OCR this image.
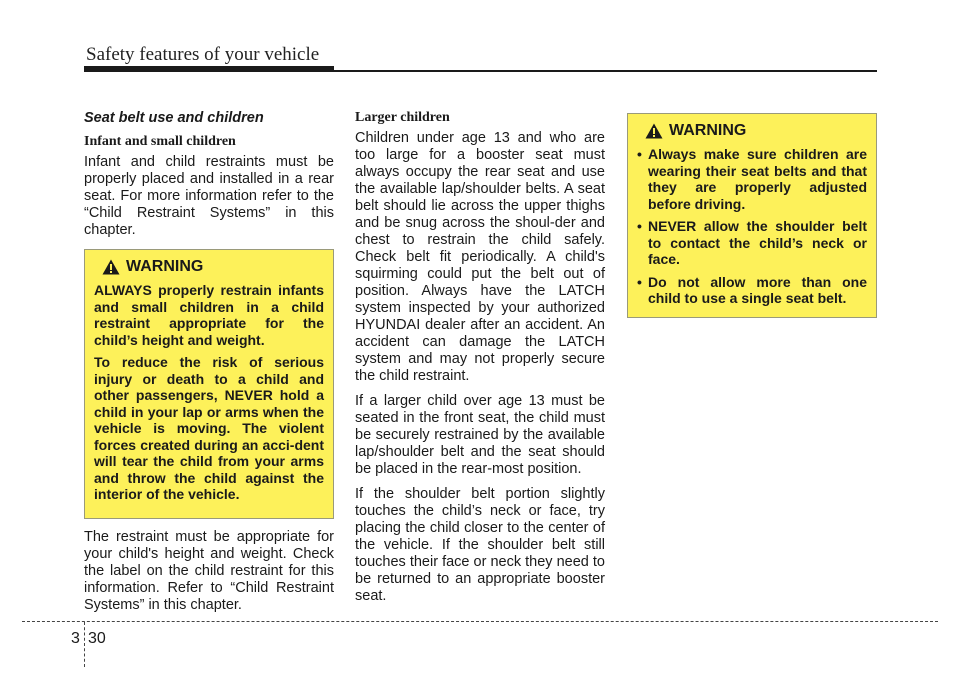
Safety features of your vehicle

Seat belt use and children

Infant and small children

Infant and child restraints must be properly placed and installed in a rear seat. For more information refer to the “Child Restraint Systems” in this chapter.

WARNING

ALWAYS properly restrain infants and small children in a child restraint appropriate for the child’s height and weight.

To reduce the risk of serious injury or death to a child and other passengers, NEVER hold a child in your lap or arms when the vehicle is moving. The violent forces created during an acci-dent will tear the child from your arms and throw the child against the interior of the vehicle.

The restraint must be appropriate for your child's height and weight. Check the label on the child restraint for this information. Refer to “Child Restraint Systems” in this chapter.

Larger children

Children under age 13 and who are too large for a booster seat must always occupy the rear seat and use the available lap/shoulder belts. A seat belt should lie across the upper thighs and be snug across the shoul-der and chest to restrain the child safely. Check belt fit periodically. A child's squirming could put the belt out of position. Always have the LATCH system inspected by your authorized HYUNDAI dealer after an accident. An accident can damage the LATCH system and may not properly secure the child restraint.

If a larger child over age 13 must be seated in the front seat, the child must be securely restrained by the available lap/shoulder belt and the seat should be placed in the rear-most position.

If the shoulder belt portion slightly touches the child’s neck or face, try placing the child closer to the center of the vehicle. If the shoulder belt still touches their face or neck they need to be returned to an appropriate booster seat.

WARNING
• Always make sure children are wearing their seat belts and that they are properly adjusted before driving.
• NEVER allow the shoulder belt to contact the child’s neck or face.
• Do not allow more than one child to use a single seat belt.
3 30
